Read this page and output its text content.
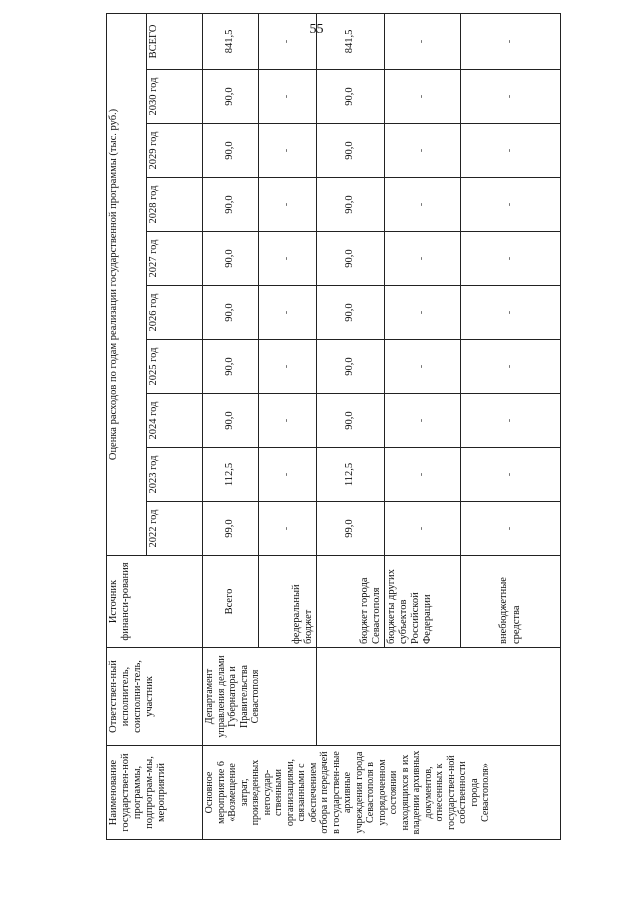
55
Наименование государствен-ной программы, подпрограм-мы, мероприятий	Ответствен-ный исполнитель, соисполни-тель, участник	Источник финанси-рования	Оценка расходов по годам реализации государственной программы (тыс. руб.)									
			2022 год	2023 год	2024 год	2025 год	2026 год	2027 год	2028 год	2029 год	2030 год	ВСЕГО
Основное мероприятие 6 «Возмещение затрат, произведенных негосудар-ственными организациями, связанными с обеспечением отбора и передачей в государствен-ные архивные учреждения города Севастополя в упорядоченном состоянии находящихся в их владении архивных документов, отнесенных к государствен-ной собственности города Севастополя»	Департамент управления делами Губернатора и Правительства Севастополя	Всего	99,0	112,5	90,0	90,0	90,0	90,0	90,0	90,0	90,0	841,5
		федеральный бюджет	-	-	-	-	-	-	-	-	-	-
		бюджет города Севастополя	99,0	112,5	90,0	90,0	90,0	90,0	90,0	90,0	90,0	841,5
		бюджеты других субъектов Российской Федерации	-	-	-	-	-	-	-	-	-	-
		внебюджетные средства	-	-	-	-	-	-	-	-	-	-
